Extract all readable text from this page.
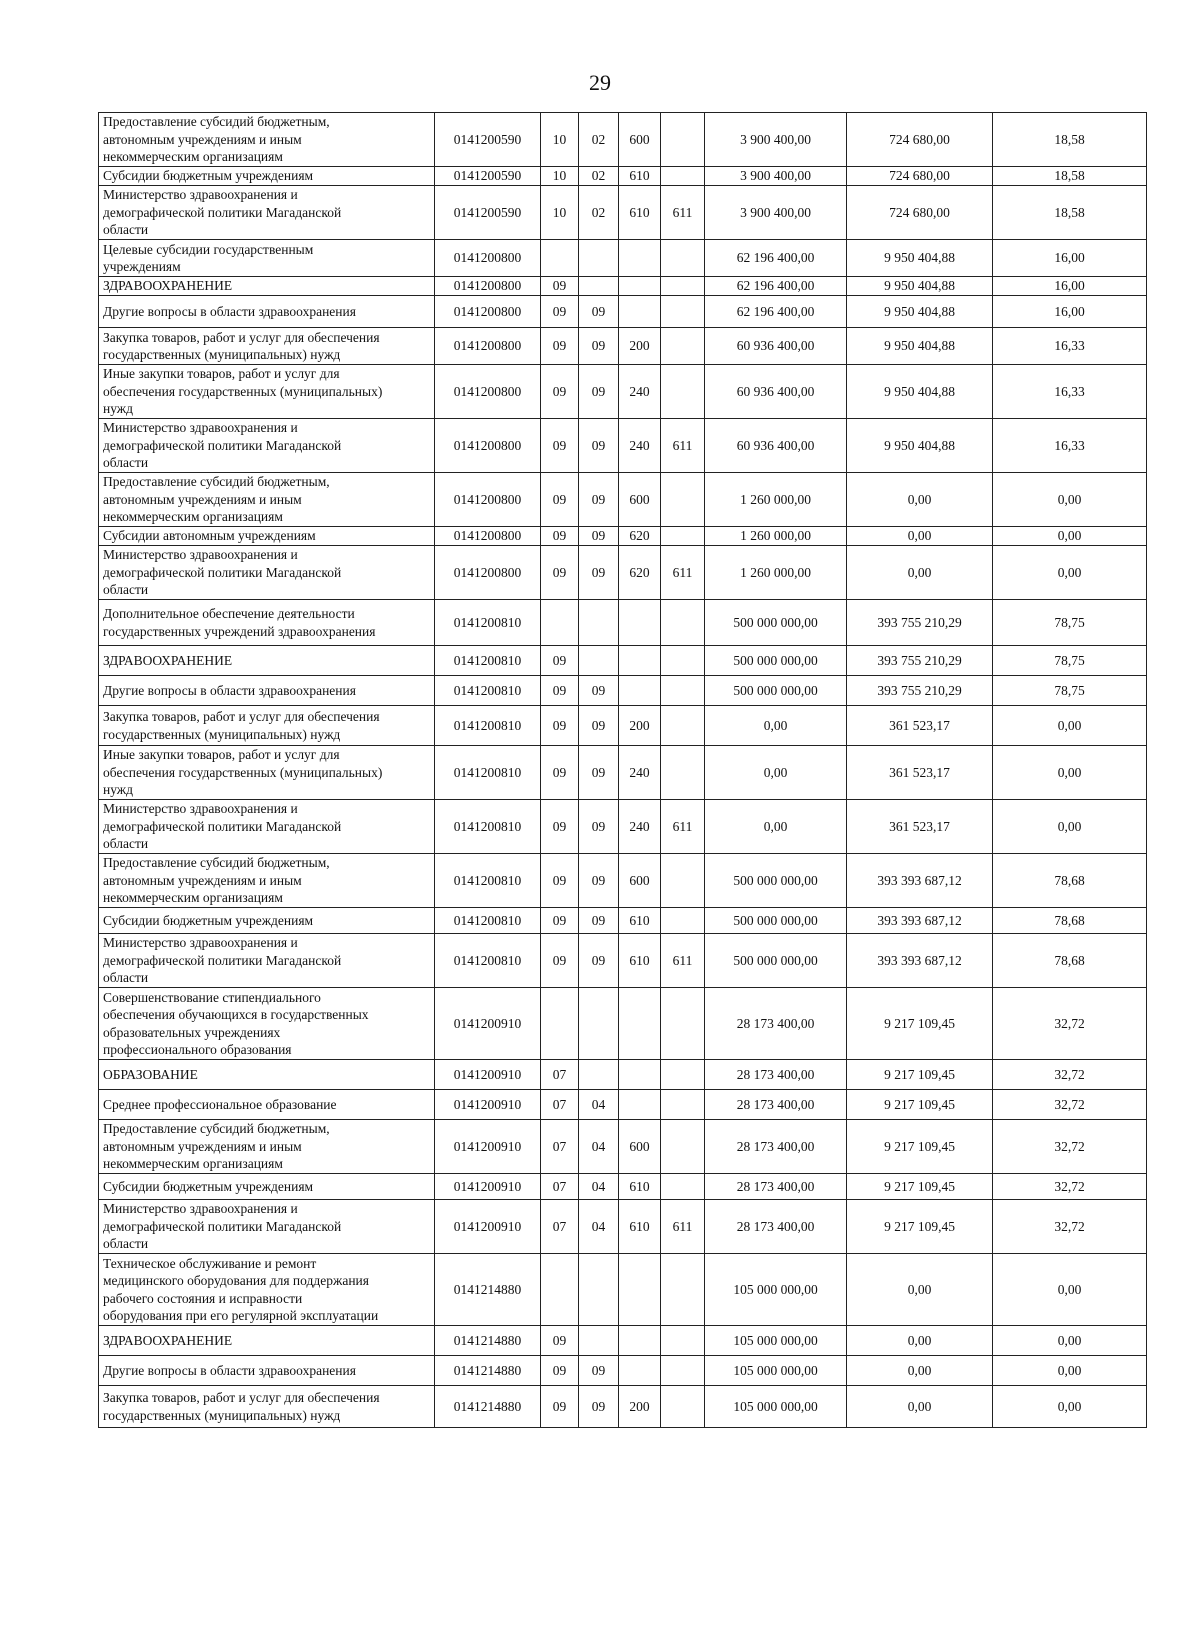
29
Предоставление субсидий бюджетным,
автономным учреждениям и иным
некоммерческим организациям	0141200590	10	02	600		3 900 400,00	724 680,00	18,58
Субсидии бюджетным учреждениям	0141200590	10	02	610		3 900 400,00	724 680,00	18,58
Министерство здравоохранения и
демографической политики Магаданской
области	0141200590	10	02	610	611	3 900 400,00	724 680,00	18,58
Целевые субсидии государственным
учреждениям	0141200800					62 196 400,00	9 950 404,88	16,00
ЗДРАВООХРАНЕНИЕ	0141200800	09				62 196 400,00	9 950 404,88	16,00
Другие вопросы в области здравоохранения	0141200800	09	09			62 196 400,00	9 950 404,88	16,00
Закупка товаров, работ и услуг для обеспечения
государственных (муниципальных) нужд	0141200800	09	09	200		60 936 400,00	9 950 404,88	16,33
Иные закупки товаров, работ и услуг для
обеспечения государственных (муниципальных)
нужд	0141200800	09	09	240		60 936 400,00	9 950 404,88	16,33
Министерство здравоохранения и
демографической политики Магаданской
области	0141200800	09	09	240	611	60 936 400,00	9 950 404,88	16,33
Предоставление субсидий бюджетным,
автономным учреждениям и иным
некоммерческим организациям	0141200800	09	09	600		1 260 000,00	0,00	0,00
Субсидии автономным учреждениям	0141200800	09	09	620		1 260 000,00	0,00	0,00
Министерство здравоохранения и
демографической политики Магаданской
области	0141200800	09	09	620	611	1 260 000,00	0,00	0,00
Дополнительное обеспечение деятельности
государственных учреждений здравоохранения	0141200810					500 000 000,00	393 755 210,29	78,75
ЗДРАВООХРАНЕНИЕ	0141200810	09				500 000 000,00	393 755 210,29	78,75
Другие вопросы в области здравоохранения	0141200810	09	09			500 000 000,00	393 755 210,29	78,75
Закупка товаров, работ и услуг для обеспечения
государственных (муниципальных) нужд	0141200810	09	09	200		0,00	361 523,17	0,00
Иные закупки товаров, работ и услуг для
обеспечения государственных (муниципальных)
нужд	0141200810	09	09	240		0,00	361 523,17	0,00
Министерство здравоохранения и
демографической политики Магаданской
области	0141200810	09	09	240	611	0,00	361 523,17	0,00
Предоставление субсидий бюджетным,
автономным учреждениям и иным
некоммерческим организациям	0141200810	09	09	600		500 000 000,00	393 393 687,12	78,68
Субсидии бюджетным учреждениям	0141200810	09	09	610		500 000 000,00	393 393 687,12	78,68
Министерство здравоохранения и
демографической политики Магаданской
области	0141200810	09	09	610	611	500 000 000,00	393 393 687,12	78,68
Совершенствование стипендиального
обеспечения обучающихся в государственных
образовательных учреждениях
профессионального образования	0141200910					28 173 400,00	9 217 109,45	32,72
ОБРАЗОВАНИЕ	0141200910	07				28 173 400,00	9 217 109,45	32,72
Среднее профессиональное образование	0141200910	07	04			28 173 400,00	9 217 109,45	32,72
Предоставление субсидий бюджетным,
автономным учреждениям и иным
некоммерческим организациям	0141200910	07	04	600		28 173 400,00	9 217 109,45	32,72
Субсидии бюджетным учреждениям	0141200910	07	04	610		28 173 400,00	9 217 109,45	32,72
Министерство здравоохранения и
демографической политики Магаданской
области	0141200910	07	04	610	611	28 173 400,00	9 217 109,45	32,72
Техническое обслуживание и ремонт
медицинского оборудования для поддержания
рабочего состояния и исправности
оборудования при его регулярной эксплуатации	0141214880					105 000 000,00	0,00	0,00
ЗДРАВООХРАНЕНИЕ	0141214880	09				105 000 000,00	0,00	0,00
Другие вопросы в области здравоохранения	0141214880	09	09			105 000 000,00	0,00	0,00
Закупка товаров, работ и услуг для обеспечения
государственных (муниципальных) нужд	0141214880	09	09	200		105 000 000,00	0,00	0,00
